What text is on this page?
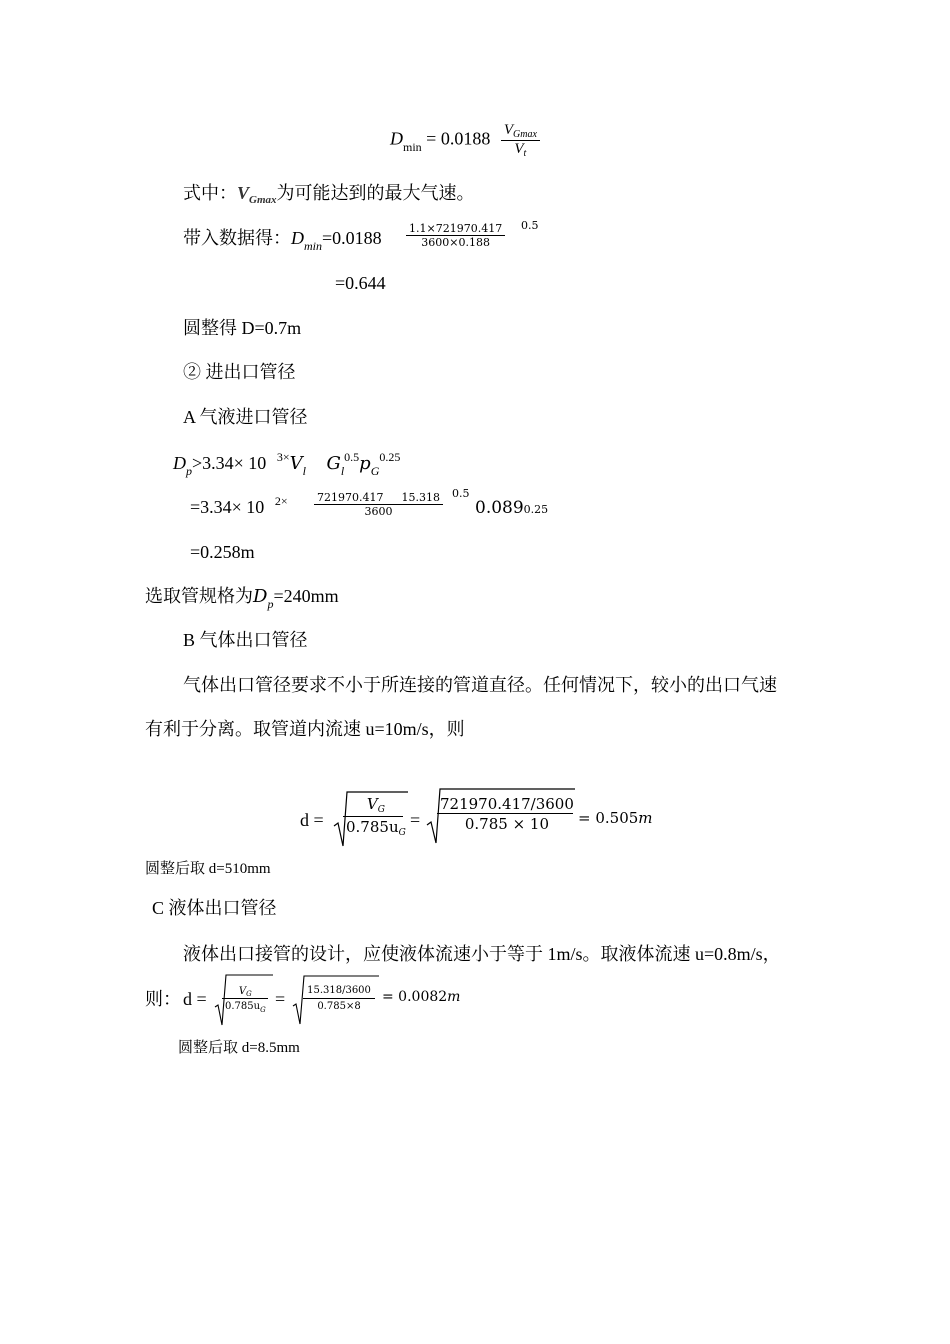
$D_{min} = 0.0188 \frac{V_{Gmax}}{V_t}$
式中：$V_{Gmax}$为可能达到的最大气速。
带入数据得：$D_{min}=0.0188 \frac{1.1\times 721970.417}{3600\times 0.188} 0.5$
=0.644
圆整得 D=0.7m
② 进出口管径
A 气液进口管径
$D_p>3.34\times 10$ $^{3\times}V_l$ $G_l^{0.5}p_G^{0.25}$
=3.34× 10 $^{2\times} \frac{721970.417 15.318}{3600} 0.5$
0.0890.25
=0.258m
选取管规格为$D_p=240mm$
B 气体出口管径
气体出口管径要求不小于所连接的管道直径。任何情况下，较小的出口气速
有利于分离。取管道内流速 u=10m/s，则
$d = \frac{V_G}{0.785u_G} = \frac{721970.417/3600}{0.785 \times 10} = 0.505m$
圆整后取 d=510mm
C 液体出口管径
液体出口接管的设计，应使液体流速小于等于 1m/s。取液体流速 u=0.8m/s，
则： $d = \frac{V_G}{0.785u_G} = \frac{15.318/3600}{0.785\times 8} = 0.0082m$
圆整后取 d=8.5mm
